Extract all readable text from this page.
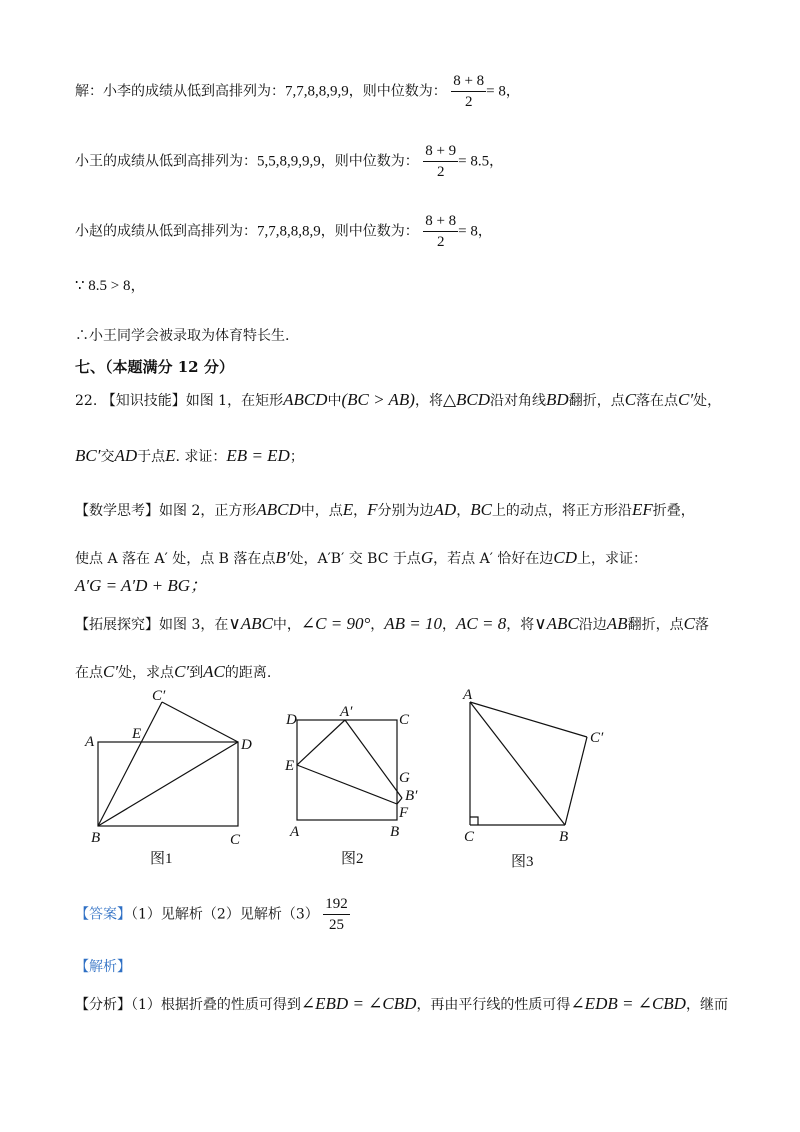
解：小李的成绩从低到高排列为：7,7,8,8,9,9，则中位数为： $\frac{8 + 8}{2} = 8$，
小王的成绩从低到高排列为：5,5,8,9,9,9，则中位数为： $\frac{8 + 9}{2} = 8.5$，
小赵的成绩从低到高排列为：7,7,8,8,8,9，则中位数为： $\frac{8 + 8}{2} = 8$，
∵ 8.5 > 8，
∴小王同学会被录取为体育特长生.
七、（本题满分 12 分）
22. 【知识技能】如图 1，在矩形ABCD中(BC > AB)，将△BCD沿对角线BD翻折，点C落在点C′处，
BC′交AD于点E. 求证：EB = ED；
【数学思考】如图 2，正方形ABCD中，点E，F分别为边AD，BC上的动点，将正方形沿EF折叠，
使点 A 落在 A′ 处，点 B 落在点B′处，A′B′ 交 BC 于点G，若点 A′ 恰好在边CD上，求证：
A′G = A′D + BG；
【拓展探究】如图 3，在∨ABC中，∠C = 90°，AB = 10，AC = 8，将∨ABC沿边AB翻折，点C落
在点C′处，求点C′到AC的距离.
A
B	C
D
E
C′
图1
D	A′	C
E
G
B′
F
A	B
图2
A
C′
C	B
图3
【答案】（1）见解析（2）见解析$(3) \frac{192}{25}$
【解析】
【分析】（1）根据折叠的性质可得到∠EBD = ∠CBD，再由平行线的性质可得∠EDB = ∠CBD，继而
